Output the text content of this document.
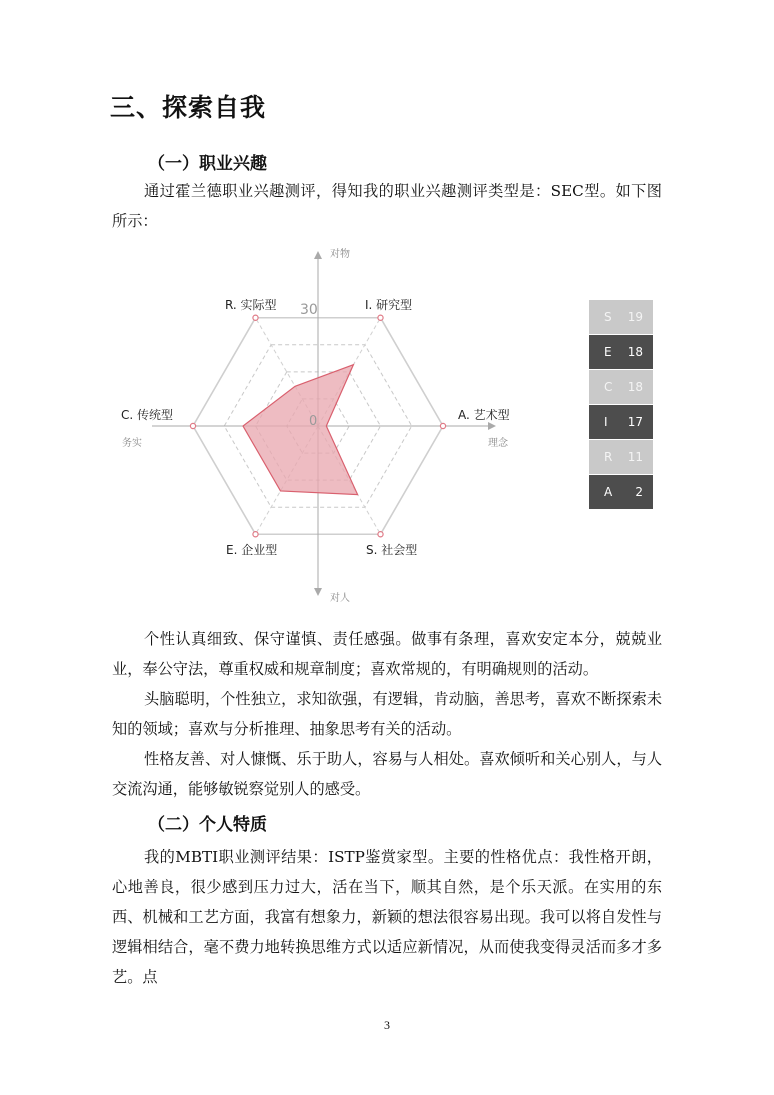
三、探索自我
（一）职业兴趣

通过霍兰德职业兴趣测评，得知我的职业兴趣测评类型是：SEC型。如下图所示：

对物
对人
务实	理念
30
0
R. 实际型	I. 研究型
A. 艺术型
S. 社会型
E. 企业型
C. 传统型
S 19
E 18
C 18
I 17
R 11
A 2

个性认真细致、保守谨慎、责任感强。做事有条理，喜欢安定本分，兢兢业业，奉公守法，尊重权威和规章制度；喜欢常规的，有明确规则的活动。

头脑聪明，个性独立，求知欲强，有逻辑，肯动脑，善思考，喜欢不断探索未知的领域；喜欢与分析推理、抽象思考有关的活动。

性格友善、对人慷慨、乐于助人，容易与人相处。喜欢倾听和关心别人，与人交流沟通，能够敏锐察觉别人的感受。

（二）个人特质

我的MBTI职业测评结果：ISTP鉴赏家型。主要的性格优点：我性格开朗，心地善良，很少感到压力过大，活在当下，顺其自然，是个乐天派。在实用的东西、机械和工艺方面，我富有想象力，新颖的想法很容易出现。我可以将自发性与逻辑相结合，毫不费力地转换思维方式以适应新情况，从而使我变得灵活而多才多艺。点

3
